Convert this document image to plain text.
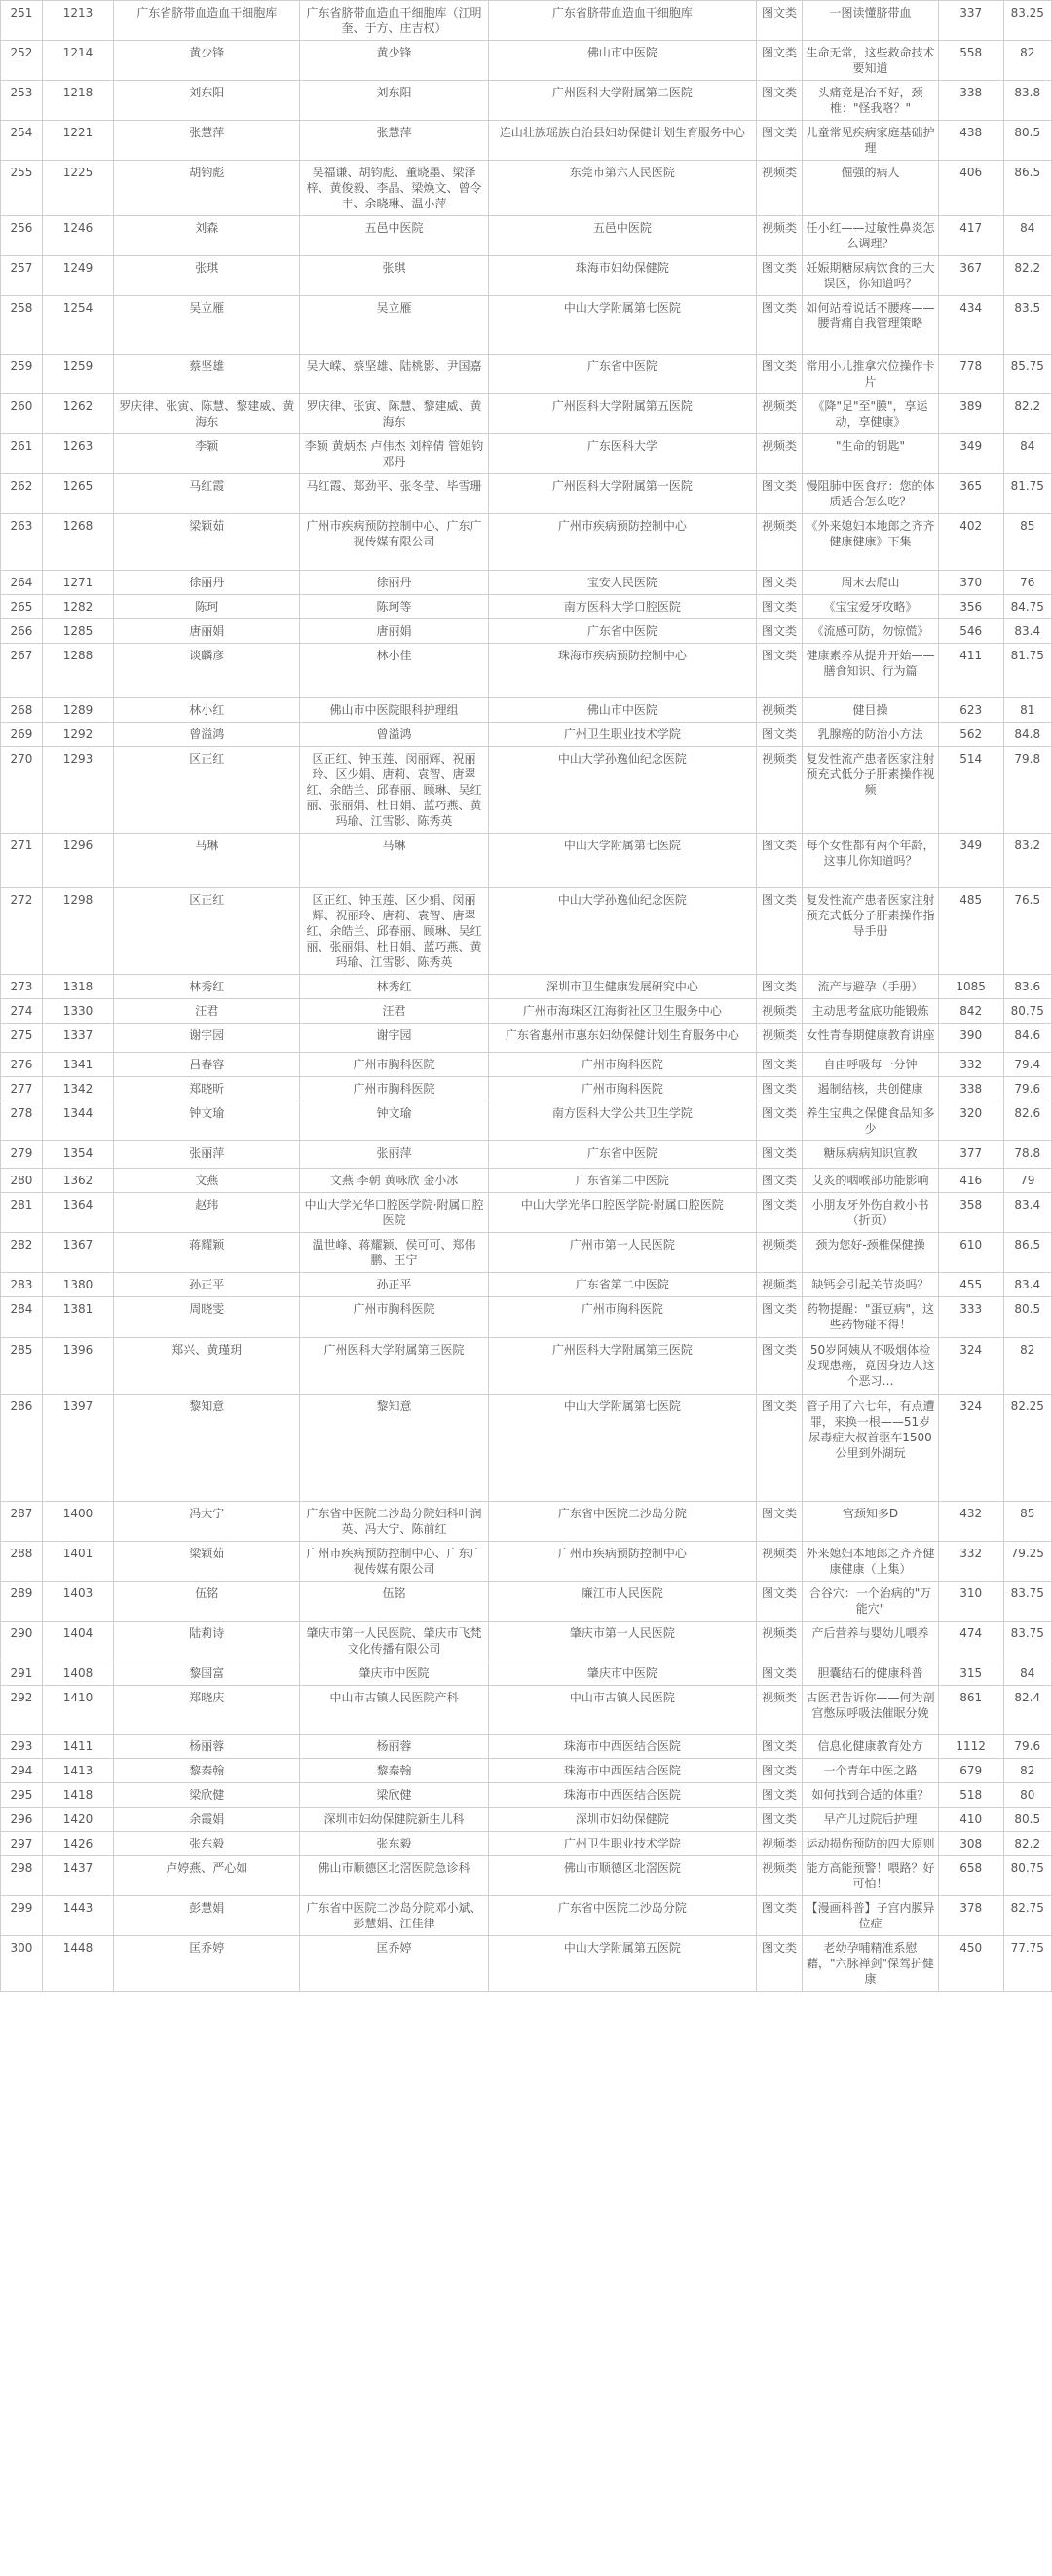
251	1213	广东省脐带血造血干细胞库	广东省脐带血造血干细胞库（江明奎、于方、庄吉权）	广东省脐带血造血干细胞库	图文类	一图读懂脐带血	337	83.25
252	1214	黄少锋	黄少锋	佛山市中医院	图文类	生命无常，这些救命技术要知道	558	82
253	1218	刘东阳	刘东阳	广州医科大学附属第二医院	图文类	头痛竟是冶不好，颈椎："怪我咯？"	338	83.8
254	1221	张慧萍	张慧萍	连山壮族瑶族自治县妇幼保健计划生育服务中心	图文类	儿童常见疾病家庭基础护理	438	80.5
255	1225	胡钧彪	吴福谦、胡钧彪、董晓墨、梁泽梓、黄俊毅、李晶、梁焕文、曾令丰、余晓琳、温小萍	东莞市第六人民医院	视频类	倔强的病人	406	86.5
256	1246	刘森	五邑中医院	五邑中医院	视频类	任小红——过敏性鼻炎怎么调理？	417	84
257	1249	张琪	张琪	珠海市妇幼保健院	图文类	妊娠期糖尿病饮食的三大误区，你知道吗？	367	82.2
258	1254	吴立雁	吴立雁	中山大学附属第七医院	图文类	如何站着说话不腰疼——腰背痛自我管理策略	434	83.5
259	1259	蔡坚雄	吴大嵘、蔡坚雄、陆桃影、尹国嘉	广东省中医院	图文类	常用小儿推拿穴位操作卡片	778	85.75
260	1262	罗庆律、张寅、陈慧、黎建威、黄海东	罗庆律、张寅、陈慧、黎建威、黄海东	广州医科大学附属第五医院	视频类	《降"足"至"膜"，享运动，享健康》	389	82.2
261	1263	李颖	李颖 黄炳杰 卢伟杰 刘梓倩 管姐钧 邓丹	广东医科大学	视频类	"生命的钥匙"	349	84
262	1265	马红霞	马红霞、郑劲平、张冬莹、毕雪珊	广州医科大学附属第一医院	图文类	慢阻肺中医食疗：您的体质适合怎么吃？	365	81.75
263	1268	梁颖茹	广州市疾病预防控制中心、广东广视传媒有限公司	广州市疾病预防控制中心	视频类	《外来媳妇本地郎之齐齐健康健康》下集	402	85
264	1271	徐丽丹	徐丽丹	宝安人民医院	图文类	周末去爬山	370	76
265	1282	陈珂	陈珂等	南方医科大学口腔医院	图文类	《宝宝爱牙攻略》	356	84.75
266	1285	唐丽娟	唐丽娟	广东省中医院	图文类	《流感可防，勿惊慌》	546	83.4
267	1288	谈麟彦	林小佳	珠海市疾病预防控制中心	图文类	健康素养从提升开始——膳食知识、行为篇	411	81.75
268	1289	林小红	佛山市中医院眼科护理组	佛山市中医院	视频类	健目操	623	81
269	1292	曾溢鸿	曾溢鸿	广州卫生职业技术学院	图文类	乳腺癌的防治小方法	562	84.8
270	1293	区正红	区正红、钟玉莲、闵丽辉、祝丽玲、区少娟、唐莉、袁智、唐翠红、余皓兰、邱春丽、顾琳、吴红丽、张丽娟、杜日娟、蓝巧燕、黄玛瑜、江雪影、陈秀英	中山大学孙逸仙纪念医院	视频类	复发性流产患者医家注射预充式低分子肝素操作视频	514	79.8
271	1296	马琳	马琳	中山大学附属第七医院	图文类	每个女性都有两个年龄，这事儿你知道吗？	349	83.2
272	1298	区正红	区正红、钟玉莲、区少娟、闵丽辉、祝丽玲、唐莉、袁智、唐翠红、余皓兰、邱春丽、顾琳、吴红丽、张丽娟、杜日娟、蓝巧燕、黄玛瑜、江雪影、陈秀英	中山大学孙逸仙纪念医院	图文类	复发性流产患者医家注射预充式低分子肝素操作指导手册	485	76.5
273	1318	林秀红	林秀红	深圳市卫生健康发展研究中心	图文类	流产与避孕（手册）	1085	83.6
274	1330	汪君	汪君	广州市海珠区江海街社区卫生服务中心	视频类	主动思考盆底功能锻炼	842	80.75
275	1337	谢宇园	谢宇园	广东省惠州市惠东妇幼保健计划生育服务中心	视频类	女性青春期健康教育讲座	390	84.6
276	1341	吕春容	广州市胸科医院	广州市胸科医院	图文类	自由呼吸每一分钟	332	79.4
277	1342	郑晓昕	广州市胸科医院	广州市胸科医院	图文类	遏制结核，共创健康	338	79.6
278	1344	钟文瑜	钟文瑜	南方医科大学公共卫生学院	图文类	养生宝典之保健食品知多少	320	82.6
279	1354	张丽萍	张丽萍	广东省中医院	图文类	糖尿病病知识宣教	377	78.8
280	1362	文燕	文燕 李朝 黄咏欣 金小冰	广东省第二中医院	图文类	艾炙的咽喉部功能影响	416	79
281	1364	赵玮	中山大学光华口腔医学院·附属口腔医院	中山大学光华口腔医学院·附属口腔医院	图文类	小朋友牙外伤自救小书（折页）	358	83.4
282	1367	蒋耀颖	温世峰、蒋耀颖、侯可可、郑伟鹏、王宁	广州市第一人民医院	视频类	颈为您好-颈椎保健操	610	86.5
283	1380	孙正平	孙正平	广东省第二中医院	视频类	缺钙会引起关节炎吗？	455	83.4
284	1381	周晓雯	广州市胸科医院	广州市胸科医院	图文类	药物提醒："蛋豆病"，这些药物碰不得！	333	80.5
285	1396	郑兴、黄瑾玥	广州医科大学附属第三医院	广州医科大学附属第三医院	图文类	50岁阿姨从不吸烟体检发现患癌，竟因身边人这个恶习…	324	82
286	1397	黎知意	黎知意	中山大学附属第七医院	图文类	管子用了六七年，有点遭罪，来换一根——51岁尿毒症大叔首驱车1500公里到外湖玩	324	82.25
287	1400	冯大宁	广东省中医院二沙岛分院妇科叶润英、冯大宁、陈前红	广东省中医院二沙岛分院	图文类	宫颈知多D	432	85
288	1401	梁颖茹	广州市疾病预防控制中心、广东广视传媒有限公司	广州市疾病预防控制中心	视频类	外来媳妇本地郎之齐齐健康健康（上集）	332	79.25
289	1403	伍铭	伍铭	廉江市人民医院	图文类	合谷穴：一个治病的"万能穴"	310	83.75
290	1404	陆莉诗	肇庆市第一人民医院、肇庆市飞梵文化传播有限公司	肇庆市第一人民医院	视频类	产后营养与婴幼儿喂养	474	83.75
291	1408	黎国富	肇庆市中医院	肇庆市中医院	图文类	胆囊结石的健康科普	315	84
292	1410	郑晓庆	中山市古镇人民医院产科	中山市古镇人民医院	视频类	古医君告诉你——何为剖宫憋尿呼吸法催眠分娩	861	82.4
293	1411	杨丽蓉	杨丽蓉	珠海市中西医结合医院	图文类	信息化健康教育处方	1112	79.6
294	1413	黎秦翰	黎秦翰	珠海市中西医结合医院	图文类	一个青年中医之路	679	82
295	1418	梁欣健	梁欣健	珠海市中西医结合医院	图文类	如何找到合适的体重？	518	80
296	1420	余霞娟	深圳市妇幼保健院新生儿科	深圳市妇幼保健院	图文类	早产儿过院后护理	410	80.5
297	1426	张东毅	张东毅	广州卫生职业技术学院	视频类	运动损伤预防的四大原则	308	82.2
298	1437	卢婷燕、严心如	佛山市顺德区北滘医院急诊科	佛山市顺德区北滘医院	视频类	能方高能预警！喂路？好可怕！	658	80.75
299	1443	彭慧娟	广东省中医院二沙岛分院邓小斌、彭慧娟、江佳律	广东省中医院二沙岛分院	图文类	【漫画科普】子宫内膜异位症	378	82.75
300	1448	匡乔婷	匡乔婷	中山大学附属第五医院	图文类	老幼孕哺精准系慰藉，"六脉禅剑"保驾护健康	450	77.75
